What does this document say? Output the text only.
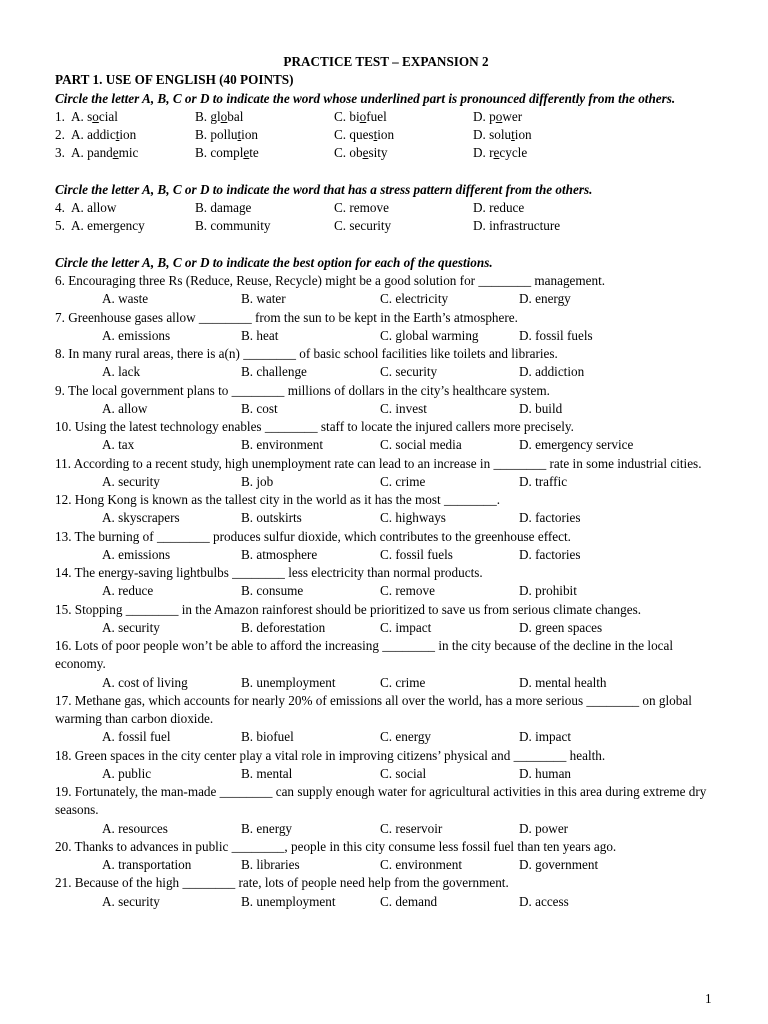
PRACTICE TEST – EXPANSION 2
PART 1. USE OF ENGLISH (40 POINTS)
Circle the letter A, B, C or D to indicate the word whose underlined part is pronounced differently from the others.
1. A. social	B. global	C. biofuel	D. power
2. A. addiction	B. pollution	C. question	D. solution
3. A. pandemic	B. complete	C. obesity	D. recycle
Circle the letter A, B, C or D to indicate the word that has a stress pattern different from the others.
4. A. allow	B. damage	C. remove	D. reduce
5. A. emergency	B. community	C. security	D. infrastructure
Circle the letter A, B, C or D to indicate the best option for each of the questions.
6. Encouraging three Rs (Reduce, Reuse, Recycle) might be a good solution for ________ management.
A. waste	B. water	C. electricity	D. energy
7. Greenhouse gases allow ________ from the sun to be kept in the Earth’s atmosphere.
A. emissions	B. heat	C. global warming	D. fossil fuels
8. In many rural areas, there is a(n) ________ of basic school facilities like toilets and libraries.
A. lack	B. challenge	C. security	D. addiction
9. The local government plans to ________ millions of dollars in the city’s healthcare system.
A. allow	B. cost	C. invest	D. build
10. Using the latest technology enables ________ staff to locate the injured callers more precisely.
A. tax	B. environment	C. social media	D. emergency service
11. According to a recent study, high unemployment rate can lead to an increase in ________ rate in some industrial cities.
A. security	B. job	C. crime	D. traffic
12. Hong Kong is known as the tallest city in the world as it has the most ________.
A. skyscrapers	B. outskirts	C. highways	D. factories
13. The burning of ________ produces sulfur dioxide, which contributes to the greenhouse effect.
A. emissions	B. atmosphere	C. fossil fuels	D. factories
14. The energy-saving lightbulbs ________ less electricity than normal products.
A. reduce	B. consume	C. remove	D. prohibit
15. Stopping ________ in the Amazon rainforest should be prioritized to save us from serious climate changes.
A. security	B. deforestation	C. impact	D. green spaces
16. Lots of poor people won’t be able to afford the increasing ________ in the city because of the decline in the local economy.
A. cost of living	B. unemployment	C. crime	D. mental health
17. Methane gas, which accounts for nearly 20% of emissions all over the world, has a more serious ________ on global warming than carbon dioxide.
A. fossil fuel	B. biofuel	C. energy	D. impact
18. Green spaces in the city center play a vital role in improving citizens’ physical and ________ health.
A. public	B. mental	C. social	D. human
19. Fortunately, the man-made ________ can supply enough water for agricultural activities in this area during extreme dry seasons.
A. resources	B. energy	C. reservoir	D. power
20. Thanks to advances in public ________, people in this city consume less fossil fuel than ten years ago.
A. transportation	B. libraries	C. environment	D. government
21. Because of the high ________ rate, lots of people need help from the government.
A. security	B. unemployment	C. demand	D. access
1
